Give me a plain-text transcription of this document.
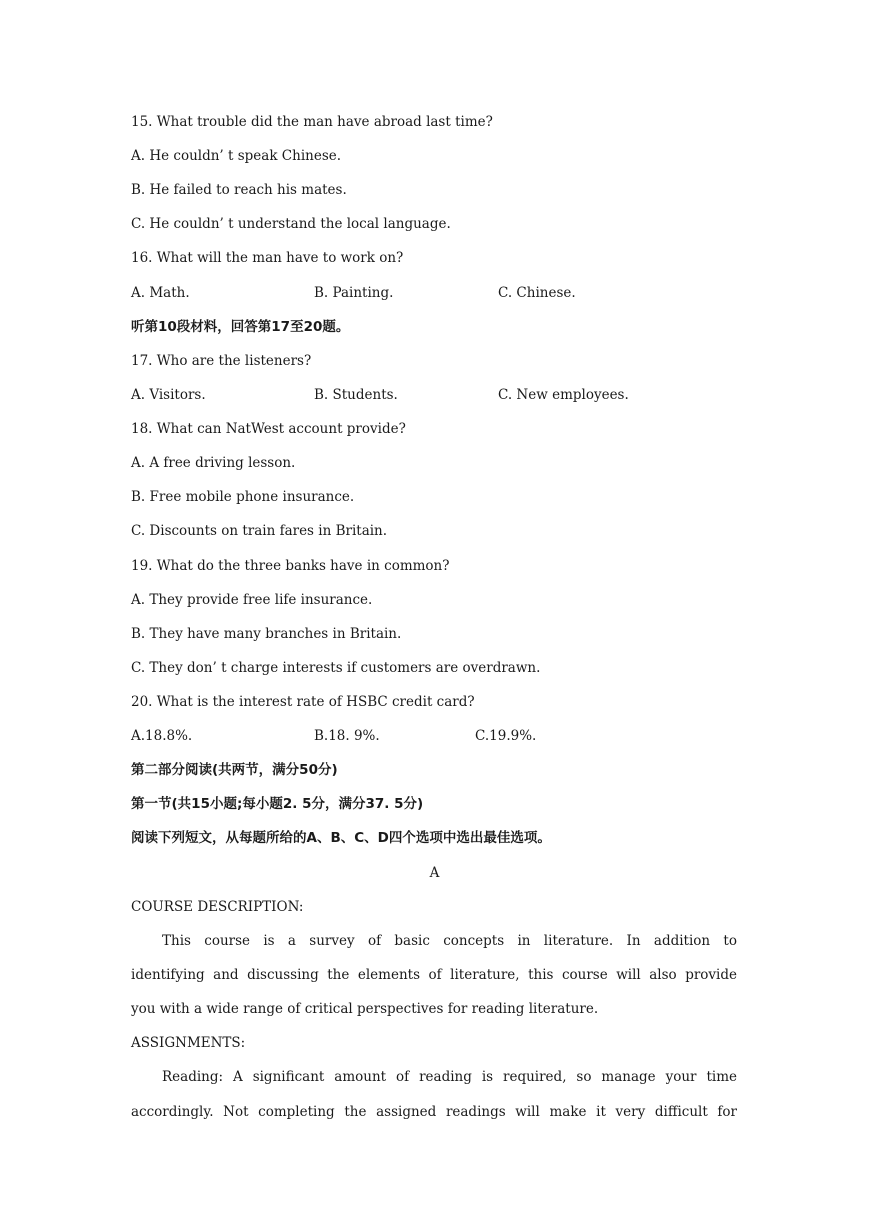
15. What trouble did the man have abroad last time?
A. He couldn’ t speak Chinese.
B. He failed to reach his mates.
C. He couldn’ t understand the local language.
16. What will the man have to work on?
A. Math.	B. Painting.	C. Chinese.
听第10段材料，回答第17至20题。
17. Who are the listeners?
A. Visitors.	B. Students.	C. New employees.
18. What can NatWest account provide?
A. A free driving lesson.
B. Free mobile phone insurance.
C. Discounts on train fares in Britain.
19. What do the three banks have in common?
A. They provide free life insurance.
B. They have many branches in Britain.
C. They don’ t charge interests if customers are overdrawn.
20. What is the interest rate of HSBC credit card?
A.18.8%.	B.18. 9%.	C.19.9%.
第二部分阅读(共两节，满分50分)
第一节(共15小题;每小题2. 5分，满分37. 5分)
阅读下列短文，从每题所给的A、B、C、D四个选项中选出最佳选项。
A
COURSE DESCRIPTION:
This course is a survey of basic concepts in literature. In addition to
identifying and discussing the elements of literature, this course will also provide
you with a wide range of critical perspectives for reading literature.
ASSIGNMENTS:
Reading: A significant amount of reading is required, so manage your time
accordingly. Not completing the assigned readings will make it very difficult for
